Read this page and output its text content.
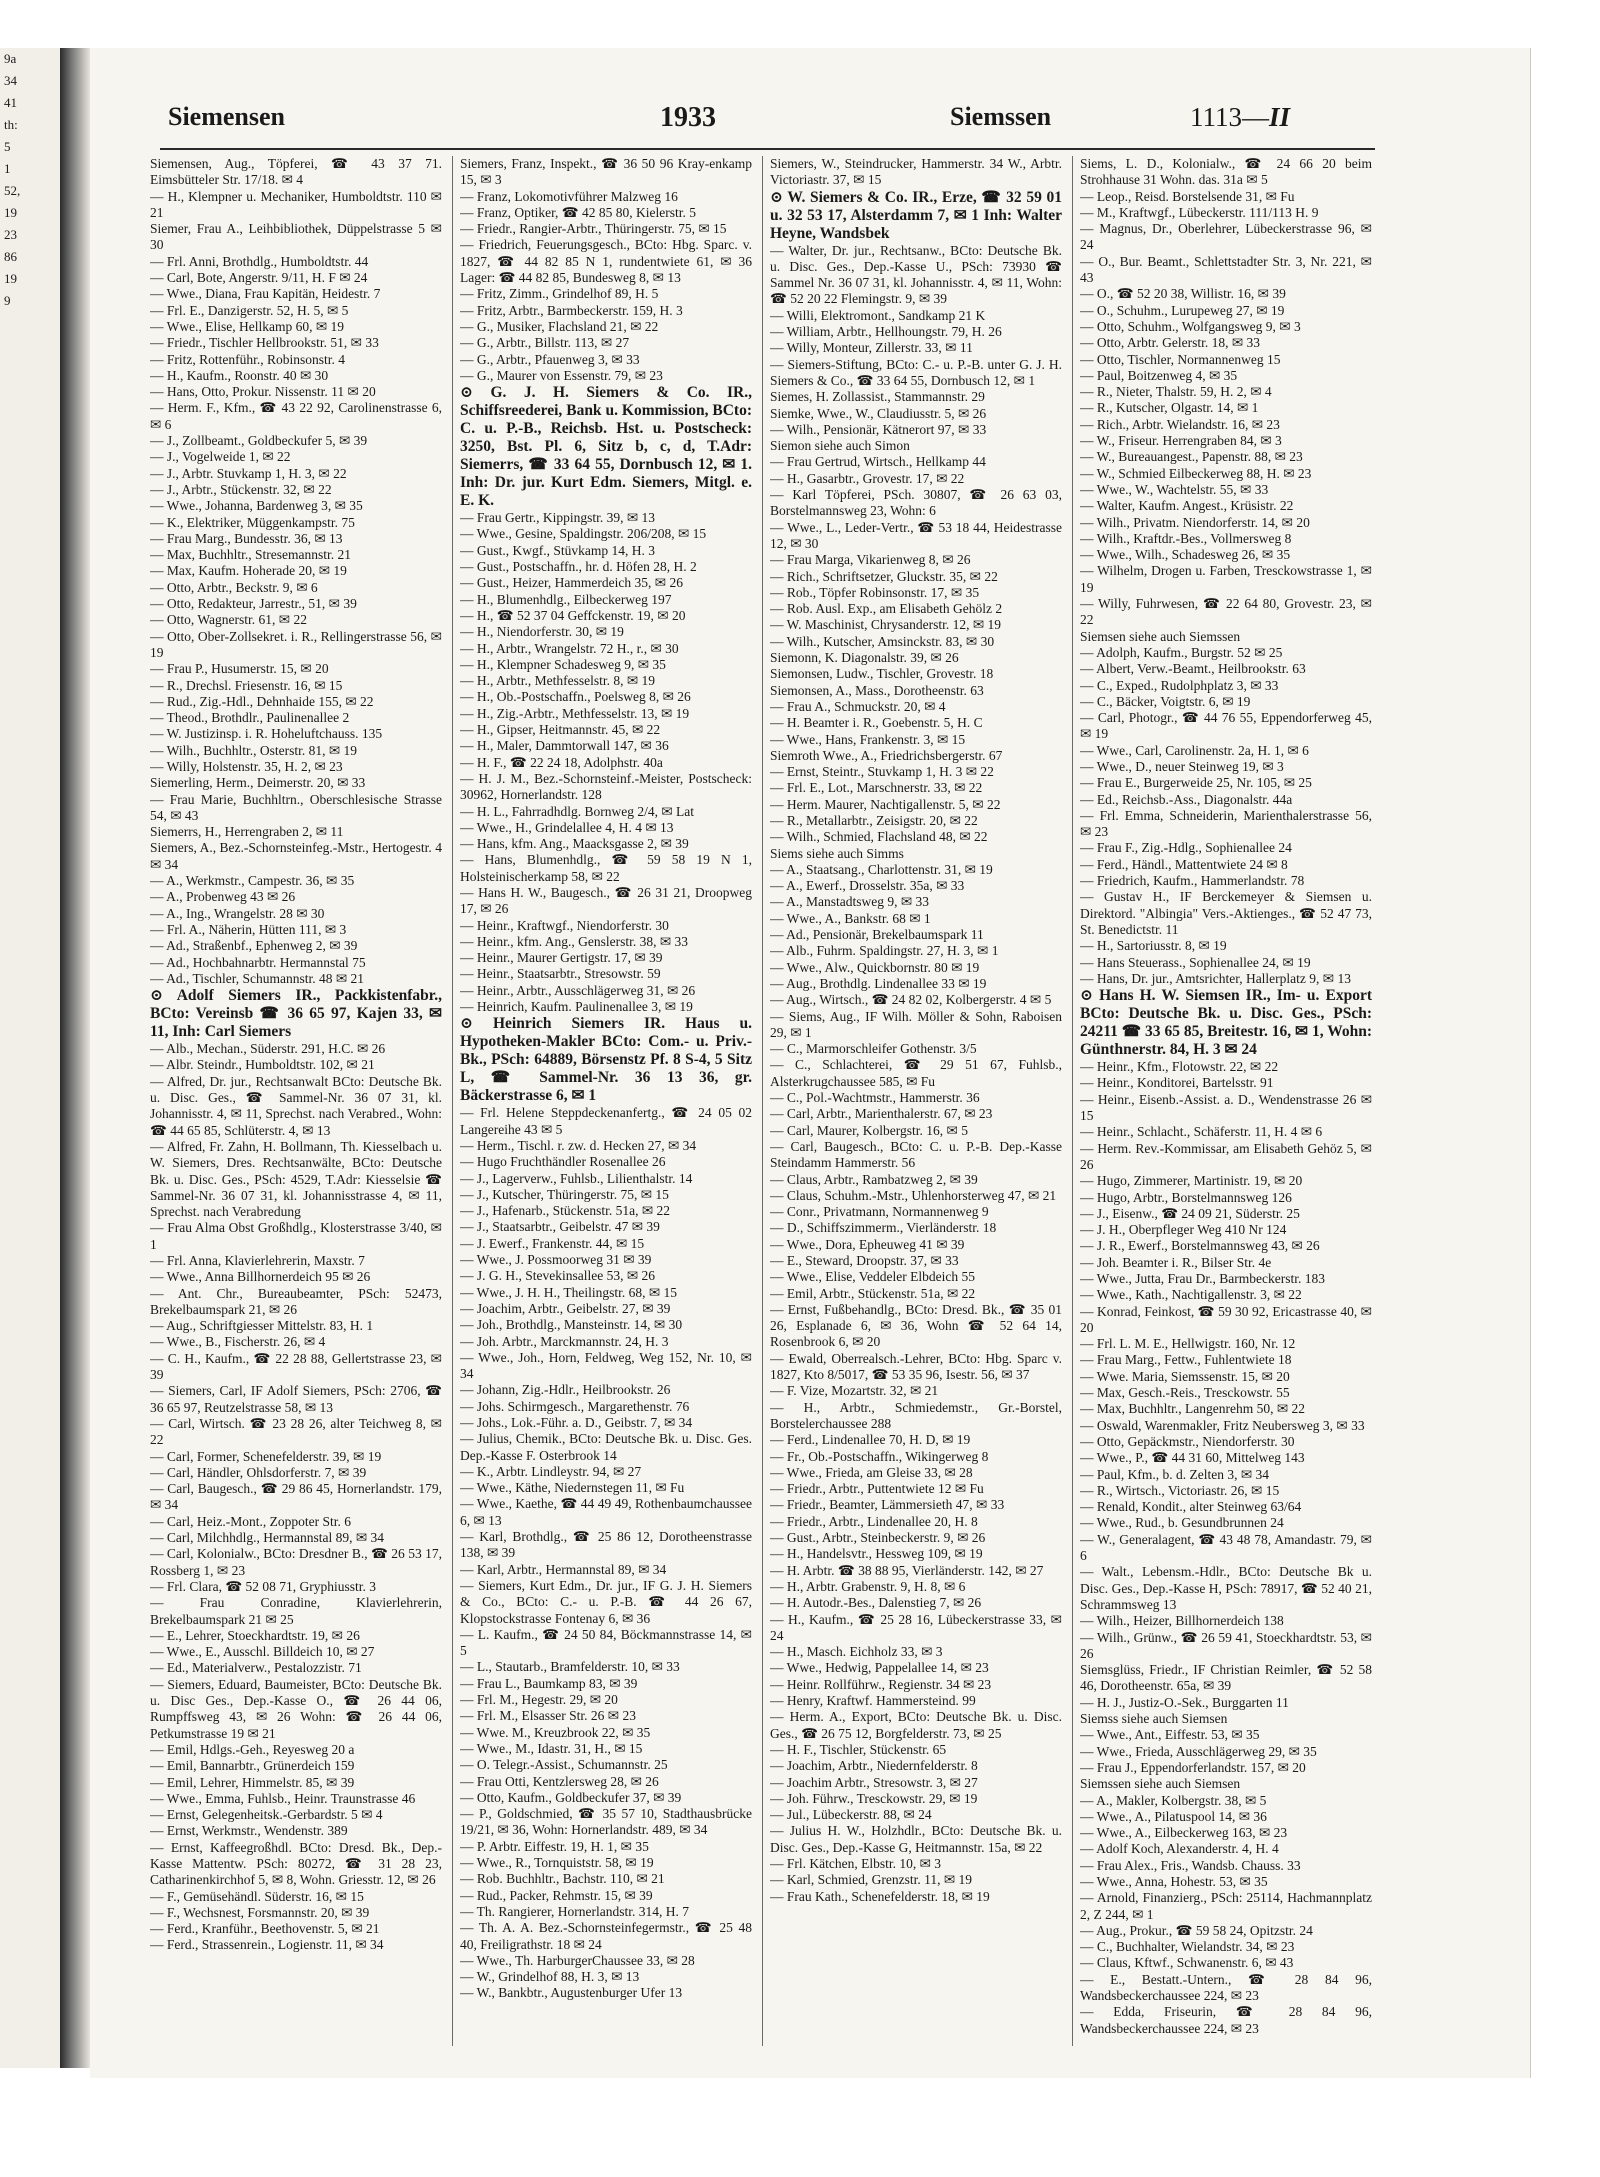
9a
34
41
th:
5
1
52,
19
23
86
19
9
Siemensen	1933	Siemssen	1113—II

Siemensen, Aug., Töpferei, ☎ 43 37 71. Eimsbütteler Str. 17/18. ✉ 4

— H., Klempner u. Mechaniker, Humboldtstr. 110 ✉ 21

Siemer, Frau A., Leihbibliothek, Düppelstrasse 5 ✉ 30

— Frl. Anni, Brothdlg., Humboldtstr. 44

— Carl, Bote, Angerstr. 9/11, H. F ✉ 24

— Wwe., Diana, Frau Kapitän, Heidestr. 7

— Frl. E., Danzigerstr. 52, H. 5, ✉ 5

— Wwe., Elise, Hellkamp 60, ✉ 19

— Friedr., Tischler Hellbrookstr. 51, ✉ 33

— Fritz, Rottenführ., Robinsonstr. 4

— H., Kaufm., Roonstr. 40 ✉ 30

— Hans, Otto, Prokur. Nissenstr. 11 ✉ 20

— Herm. F., Kfm., ☎ 43 22 92, Carolinenstrasse 6, ✉ 6

— J., Zollbeamt., Goldbeckufer 5, ✉ 39

— J., Vogelweide 1, ✉ 22

— J., Arbtr. Stuvkamp 1, H. 3, ✉ 22

— J., Arbtr., Stückenstr. 32, ✉ 22

— Wwe., Johanna, Bardenweg 3, ✉ 35

— K., Elektriker, Müggenkampstr. 75

— Frau Marg., Bundesstr. 36, ✉ 13

— Max, Buchhltr., Stresemannstr. 21

— Max, Kaufm. Hoherade 20, ✉ 19

— Otto, Arbtr., Beckstr. 9, ✉ 6

— Otto, Redakteur, Jarrestr., 51, ✉ 39

— Otto, Wagnerstr. 61, ✉ 22

— Otto, Ober-Zollsekret. i. R., Rellingerstrasse 56, ✉ 19

— Frau P., Husumerstr. 15, ✉ 20

— R., Drechsl. Friesenstr. 16, ✉ 15

— Rud., Zig.-Hdl., Dehnhaide 155, ✉ 22

— Theod., Brothdlr., Paulinenallee 2

— W. Justizinsp. i. R. Hoheluftchauss. 135

— Wilh., Buchhltr., Osterstr. 81, ✉ 19

— Willy, Holstenstr. 35, H. 2, ✉ 23

Siemerling, Herm., Deimerstr. 20, ✉ 33

— Frau Marie, Buchhltrn., Oberschlesische Strasse 54, ✉ 43

Siemerrs, H., Herrengraben 2, ✉ 11

Siemers, A., Bez.-Schornsteinfeg.-Mstr., Hertogestr. 4 ✉ 34

— A., Werkmstr., Campestr. 36, ✉ 35

— A., Probenweg 43 ✉ 26

— A., Ing., Wrangelstr. 28 ✉ 30

— Frl. A., Näherin, Hütten 111, ✉ 3

— Ad., Straßenbf., Ephenweg 2, ✉ 39

— Ad., Hochbahnarbtr. Hermannstal 75

— Ad., Tischler, Schumannstr. 48 ✉ 21

⊙ Adolf Siemers IR., Packkistenfabr., BCto: Vereinsb ☎ 36 65 97, Kajen 33, ✉ 11, Inh: Carl Siemers

— Alb., Mechan., Süderstr. 291, H.C. ✉ 26

— Albr. Steindr., Humboldtstr. 102, ✉ 21

— Alfred, Dr. jur., Rechtsanwalt BCto: Deutsche Bk. u. Disc. Ges., ☎ Sammel-Nr. 36 07 31, kl. Johannisstr. 4, ✉ 11, Sprechst. nach Verabred., Wohn: ☎ 44 65 85, Schlüterstr. 4, ✉ 13

— Alfred, Fr. Zahn, H. Bollmann, Th. Kiesselbach u. W. Siemers, Dres. Rechtsanwälte, BCto: Deutsche Bk. u. Disc. Ges., PSch: 4529, T.Adr: Kiesselsie ☎ Sammel-Nr. 36 07 31, kl. Johannisstrasse 4, ✉ 11, Sprechst. nach Verabredung

— Frau Alma Obst Großhdlg., Klosterstrasse 3/40, ✉ 1

— Frl. Anna, Klavierlehrerin, Maxstr. 7

— Wwe., Anna Billhornerdeich 95 ✉ 26

— Ant. Chr., Bureaubeamter, PSch: 52473, Brekelbaumspark 21, ✉ 26

— Aug., Schriftgiesser Mittelstr. 83, H. 1

— Wwe., B., Fischerstr. 26, ✉ 4

— C. H., Kaufm., ☎ 22 28 88, Gellertstrasse 23, ✉ 39

— Siemers, Carl, IF Adolf Siemers, PSch: 2706, ☎ 36 65 97, Reutzelstrasse 58, ✉ 13

— Carl, Wirtsch. ☎ 23 28 26, alter Teichweg 8, ✉ 22

— Carl, Former, Schenefelderstr. 39, ✉ 19

— Carl, Händler, Ohlsdorferstr. 7, ✉ 39

— Carl, Baugesch., ☎ 29 86 45, Hornerlandstr. 179, ✉ 34

— Carl, Heiz.-Mont., Zoppoter Str. 6

— Carl, Milchhdlg., Hermannstal 89, ✉ 34

— Carl, Kolonialw., BCto: Dresdner B., ☎ 26 53 17, Rossberg 1, ✉ 23

— Frl. Clara, ☎ 52 08 71, Gryphiusstr. 3

— Frau Conradine, Klavierlehrerin, Brekelbaumspark 21 ✉ 25

— E., Lehrer, Stoeckhardtstr. 19, ✉ 26

— Wwe., E., Ausschl. Billdeich 10, ✉ 27

— Ed., Materialverw., Pestalozzistr. 71

— Siemers, Eduard, Baumeister, BCto: Deutsche Bk. u. Disc Ges., Dep.-Kasse O., ☎ 26 44 06, Rumpffsweg 43, ✉ 26 Wohn: ☎ 26 44 06, Petkumstrasse 19 ✉ 21

— Emil, Hdlgs.-Geh., Reyesweg 20 a

— Emil, Bannarbtr., Grünerdeich 159

— Emil, Lehrer, Himmelstr. 85, ✉ 39

— Wwe., Emma, Fuhlsb., Heinr. Traunstrasse 46

— Ernst, Gelegenheitsk.-Gerbardstr. 5 ✉ 4

— Ernst, Werkmstr., Wendenstr. 389

— Ernst, Kaffeegroßhdl. BCto: Dresd. Bk., Dep.-Kasse Mattentw. PSch: 80272, ☎ 31 28 23, Catharinenkirchhof 5, ✉ 8, Wohn. Griesstr. 12, ✉ 26

— F., Gemüsehändl. Süderstr. 16, ✉ 15

— F., Wechsnest, Forsmannstr. 20, ✉ 39

— Ferd., Kranführ., Beethovenstr. 5, ✉ 21

— Ferd., Strassenrein., Logienstr. 11, ✉ 34

Siemers, Franz, Inspekt., ☎ 36 50 96 Kray-enkamp 15, ✉ 3

— Franz, Lokomotivführer Malzweg 16

— Franz, Optiker, ☎ 42 85 80, Kielerstr. 5

— Friedr., Rangier-Arbtr., Thüringerstr. 75, ✉ 15

— Friedrich, Feuerungsgesch., BCto: Hbg. Sparc. v. 1827, ☎ 44 82 85 N 1, rundentwiete 61, ✉ 36 Lager: ☎ 44 82 85, Bundesweg 8, ✉ 13

— Fritz, Zimm., Grindelhof 89, H. 5

— Fritz, Arbtr., Barmbeckerstr. 159, H. 3

— G., Musiker, Flachsland 21, ✉ 22

— G., Arbtr., Billstr. 113, ✉ 27

— G., Arbtr., Pfauenweg 3, ✉ 33

— G., Maurer von Essenstr. 79, ✉ 23

⊙ G. J. H. Siemers & Co. IR., Schiffsreederei, Bank u. Kommission, BCto: C. u. P.-B., Reichsb. Hst. u. Postscheck: 3250, Bst. Pl. 6, Sitz b, c, d, T.Adr: Siemerrs, ☎ 33 64 55, Dornbusch 12, ✉ 1. Inh: Dr. jur. Kurt Edm. Siemers, Mitgl. e. E. K.

— Frau Gertr., Kippingstr. 39, ✉ 13

— Wwe., Gesine, Spaldingstr. 206/208, ✉ 15

— Gust., Kwgf., Stüvkamp 14, H. 3

— Gust., Postschaffn., hr. d. Höfen 28, H. 2

— Gust., Heizer, Hammerdeich 35, ✉ 26

— H., Blumenhdlg., Eilbeckerweg 197

— H., ☎ 52 37 04 Geffckenstr. 19, ✉ 20

— H., Niendorferstr. 30, ✉ 19

— H., Arbtr., Wrangelstr. 72 H., r., ✉ 30

— H., Klempner Schadesweg 9, ✉ 35

— H., Arbtr., Methfesselstr. 8, ✉ 19

— H., Ob.-Postschaffn., Poelsweg 8, ✉ 26

— H., Zig.-Arbtr., Methfesselstr. 13, ✉ 19

— H., Gipser, Heitmannstr. 45, ✉ 22

— H., Maler, Dammtorwall 147, ✉ 36

— H. F., ☎ 22 24 18, Adolphstr. 40a

— H. J. M., Bez.-Schornsteinf.-Meister, Postscheck: 30962, Hornerlandstr. 128

— H. L., Fahrradhdlg. Bornweg 2/4, ✉ Lat

— Wwe., H., Grindelallee 4, H. 4 ✉ 13

— Hans, kfm. Ang., Maacksgasse 2, ✉ 39

— Hans, Blumenhdlg., ☎ 59 58 19 N 1, Holsteinischerkamp 58, ✉ 22

— Hans H. W., Baugesch., ☎ 26 31 21, Droopweg 17, ✉ 26

— Heinr., Kraftwgf., Niendorferstr. 30

— Heinr., kfm. Ang., Genslerstr. 38, ✉ 33

— Heinr., Maurer Gertigstr. 17, ✉ 39

— Heinr., Staatsarbtr., Stresowstr. 59

— Heinr., Arbtr., Ausschlägerweg 31, ✉ 26

— Heinrich, Kaufm. Paulinenallee 3, ✉ 19

⊙ Heinrich Siemers IR. Haus u. Hypotheken-Makler BCto: Com.- u. Priv.-Bk., PSch: 64889, Börsenstz Pf. 8 S-4, 5 Sitz L, ☎ Sammel-Nr. 36 13 36, gr. Bäckerstrasse 6, ✉ 1

— Frl. Helene Steppdeckenanfertg., ☎ 24 05 02 Langereihe 43 ✉ 5

— Herm., Tischl. r. zw. d. Hecken 27, ✉ 34

— Hugo Fruchthändler Rosenallee 26

— J., Lagerverw., Fuhlsb., Lilienthalstr. 14

— J., Kutscher, Thüringerstr. 75, ✉ 15

— J., Hafenarb., Stückenstr. 51a, ✉ 22

— J., Staatsarbtr., Geibelstr. 47 ✉ 39

— J. Ewerf., Frankenstr. 44, ✉ 15

— Wwe., J. Possmoorweg 31 ✉ 39

— J. G. H., Stevekinsallee 53, ✉ 26

— Wwe., J. H. H., Theilingstr. 68, ✉ 15

— Joachim, Arbtr., Geibelstr. 27, ✉ 39

— Joh., Brothdlg., Mansteinstr. 14, ✉ 30

— Joh. Arbtr., Marckmannstr. 24, H. 3

— Wwe., Joh., Horn, Feldweg, Weg 152, Nr. 10, ✉ 34

— Johann, Zig.-Hdlr., Heilbrookstr. 26

— Johs. Schirmgesch., Margarethenstr. 76

— Johs., Lok.-Führ. a. D., Geibstr. 7, ✉ 34

— Julius, Chemik., BCto: Deutsche Bk. u. Disc. Ges. Dep.-Kasse F. Osterbrook 14

— K., Arbtr. Lindleystr. 94, ✉ 27

— Wwe., Käthe, Niedernstegen 11, ✉ Fu

— Wwe., Kaethe, ☎ 44 49 49, Rothenbaumchaussee 6, ✉ 13

— Karl, Brothdlg., ☎ 25 86 12, Dorotheenstrasse 138, ✉ 39

— Karl, Arbtr., Hermannstal 89, ✉ 34

— Siemers, Kurt Edm., Dr. jur., IF G. J. H. Siemers & Co., BCto: C.- u. P.-B. ☎ 44 26 67, Klopstockstrasse Fontenay 6, ✉ 36

— L. Kaufm., ☎ 24 50 84, Böckmannstrasse 14, ✉ 5

— L., Stautarb., Bramfelderstr. 10, ✉ 33

— Frau L., Baumkamp 83, ✉ 39

— Frl. M., Hegestr. 29, ✉ 20

— Frl. M., Elsasser Str. 26 ✉ 23

— Wwe. M., Kreuzbrook 22, ✉ 35

— Wwe., M., Idastr. 31, H., ✉ 15

— O. Telegr.-Assist., Schumannstr. 25

— Frau Otti, Kentzlersweg 28, ✉ 26

— Otto, Kaufm., Goldbeckufer 37, ✉ 39

— P., Goldschmied, ☎ 35 57 10, Stadthausbrücke 19/21, ✉ 36, Wohn: Hornerlandstr. 489, ✉ 34

— P. Arbtr. Eiffestr. 19, H. 1, ✉ 35

— Wwe., R., Tornquiststr. 58, ✉ 19

— Rob. Buchhltr., Bachstr. 110, ✉ 21

— Rud., Packer, Rehmstr. 15, ✉ 39

— Th. Rangierer, Hornerlandstr. 314, H. 7

— Th. A. A. Bez.-Schornsteinfegermstr., ☎ 25 48 40, Freiligrathstr. 18 ✉ 24

— Wwe., Th. HarburgerChaussee 33, ✉ 28

— W., Grindelhof 88, H. 3, ✉ 13

— W., Bankbtr., Augustenburger Ufer 13

Siemers, W., Steindrucker, Hammerstr. 34 W., Arbtr. Victoriastr. 37, ✉ 15

⊙ W. Siemers & Co. IR., Erze, ☎ 32 59 01 u. 32 53 17, Alsterdamm 7, ✉ 1 Inh: Walter Heyne, Wandsbek

— Walter, Dr. jur., Rechtsanw., BCto: Deutsche Bk. u. Disc. Ges., Dep.-Kasse U., PSch: 73930 ☎ Sammel Nr. 36 07 31, kl. Johannisstr. 4, ✉ 11, Wohn: ☎ 52 20 22 Flemingstr. 9, ✉ 39

— Willi, Elektromont., Sandkamp 21 K

— William, Arbtr., Hellhoungstr. 79, H. 26

— Willy, Monteur, Zillerstr. 33, ✉ 11

— Siemers-Stiftung, BCto: C.- u. P.-B. unter G. J. H. Siemers & Co., ☎ 33 64 55, Dornbusch 12, ✉ 1

Siemes, H. Zollassist., Stammannstr. 29

Siemke, Wwe., W., Claudiusstr. 5, ✉ 26

— Wilh., Pensionär, Kätnerort 97, ✉ 33

Siemon siehe auch Simon

— Frau Gertrud, Wirtsch., Hellkamp 44

— H., Gasarbtr., Grovestr. 17, ✉ 22

— Karl Töpferei, PSch. 30807, ☎ 26 63 03, Borstelmannsweg 23, Wohn: 6

— Wwe., L., Leder-Vertr., ☎ 53 18 44, Heidestrasse 12, ✉ 30

— Frau Marga, Vikarienweg 8, ✉ 26

— Rich., Schriftsetzer, Gluckstr. 35, ✉ 22

— Rob., Töpfer Robinsonstr. 17, ✉ 35

— Rob. Ausl. Exp., am Elisabeth Gehölz 2

— W. Maschinist, Chrysanderstr. 12, ✉ 19

— Wilh., Kutscher, Amsinckstr. 83, ✉ 30

Siemonn, K. Diagonalstr. 39, ✉ 26

Siemonsen, Ludw., Tischler, Grovestr. 18

Siemonsen, A., Mass., Dorotheenstr. 63

— Frau A., Schmuckstr. 20, ✉ 4

— H. Beamter i. R., Goebenstr. 5, H. C

— Wwe., Hans, Frankenstr. 3, ✉ 15

Siemroth Wwe., A., Friedrichsbergerstr. 67

— Ernst, Steintr., Stuvkamp 1, H. 3 ✉ 22

— Frl. E., Lot., Marschnerstr. 33, ✉ 22

— Herm. Maurer, Nachtigallenstr. 5, ✉ 22

— R., Metallarbtr., Zeisigstr. 20, ✉ 22

— Wilh., Schmied, Flachsland 48, ✉ 22

Siems siehe auch Simms

— A., Staatsang., Charlottenstr. 31, ✉ 19

— A., Ewerf., Drosselstr. 35a, ✉ 33

— A., Manstadtsweg 9, ✉ 33

— Wwe., A., Bankstr. 68 ✉ 1

— Ad., Pensionär, Brekelbaumspark 11

— Alb., Fuhrm. Spaldingstr. 27, H. 3, ✉ 1

— Wwe., Alw., Quickbornstr. 80 ✉ 19

— Aug., Brothdlg. Lindenallee 33 ✉ 19

— Aug., Wirtsch., ☎ 24 82 02, Kolbergerstr. 4 ✉ 5

— Siems, Aug., IF Wilh. Möller & Sohn, Raboisen 29, ✉ 1

— C., Marmorschleifer Gothenstr. 3/5

— C., Schlachterei, ☎ 29 51 67, Fuhlsb., Alsterkrugchaussee 585, ✉ Fu

— C., Pol.-Wachtmstr., Hammerstr. 36

— Carl, Arbtr., Marienthalerstr. 67, ✉ 23

— Carl, Maurer, Kolbergstr. 16, ✉ 5

— Carl, Baugesch., BCto: C. u. P.-B. Dep.-Kasse Steindamm Hammerstr. 56

— Claus, Arbtr., Rambatzweg 2, ✉ 39

— Claus, Schuhm.-Mstr., Uhlenhorsterweg 47, ✉ 21

— Conr., Privatmann, Normannenweg 9

— D., Schiffszimmerm., Vierländerstr. 18

— Wwe., Dora, Epheuweg 41 ✉ 39

— E., Steward, Droopstr. 37, ✉ 33

— Wwe., Elise, Veddeler Elbdeich 55

— Emil, Arbtr., Stückenstr. 51a, ✉ 22

— Ernst, Fußbehandlg., BCto: Dresd. Bk., ☎ 35 01 26, Esplanade 6, ✉ 36, Wohn ☎ 52 64 14, Rosenbrook 6, ✉ 20

— Ewald, Oberrealsch.-Lehrer, BCto: Hbg. Sparc v. 1827, Kto 8/5017, ☎ 53 35 96, Isestr. 56, ✉ 37

— F. Vize, Mozartstr. 32, ✉ 21

— H., Arbtr., Schmiedemstr., Gr.-Borstel, Borstelerchaussee 288

— Ferd., Lindenallee 70, H. D, ✉ 19

— Fr., Ob.-Postschaffn., Wikingerweg 8

— Wwe., Frieda, am Gleise 33, ✉ 28

— Friedr., Arbtr., Puttentwiete 12 ✉ Fu

— Friedr., Beamter, Lämmersieth 47, ✉ 33

— Friedr., Arbtr., Lindenallee 20, H. 8

— Gust., Arbtr., Steinbeckerstr. 9, ✉ 26

— H., Handelsvtr., Hessweg 109, ✉ 19

— H. Arbtr. ☎ 38 88 95, Vierländerstr. 142, ✉ 27

— H., Arbtr. Grabenstr. 9, H. 8, ✉ 6

— H. Autodr.-Bes., Dalenstieg 7, ✉ 26

— H., Kaufm., ☎ 25 28 16, Lübeckerstrasse 33, ✉ 24

— H., Masch. Eichholz 33, ✉ 3

— Wwe., Hedwig, Pappelallee 14, ✉ 23

— Heinr. Rollführw., Regienstr. 34 ✉ 23

— Henry, Kraftwf. Hammersteind. 99

— Herm. A., Export, BCto: Deutsche Bk. u. Disc. Ges., ☎ 26 75 12, Borgfelderstr. 73, ✉ 25

— H. F., Tischler, Stückenstr. 65

— Joachim, Arbtr., Niedernfelderstr. 8

— Joachim Arbtr., Stresowstr. 3, ✉ 27

— Joh. Führw., Tresckowstr. 29, ✉ 19

— Jul., Lübeckerstr. 88, ✉ 24

— Julius H. W., Holzhdlr., BCto: Deutsche Bk. u. Disc. Ges., Dep.-Kasse G, Heitmannstr. 15a, ✉ 22

— Frl. Kätchen, Elbstr. 10, ✉ 3

— Karl, Schmied, Grenzstr. 11, ✉ 19

— Frau Kath., Schenefelderstr. 18, ✉ 19

Siems, L. D., Kolonialw., ☎ 24 66 20 beim Strohhause 31 Wohn. das. 31a ✉ 5

— Leop., Reisd. Borstelsende 31, ✉ Fu

— M., Kraftwgf., Lübeckerstr. 111/113 H. 9

— Magnus, Dr., Oberlehrer, Lübeckerstrasse 96, ✉ 24

— O., Bur. Beamt., Schlettstadter Str. 3, Nr. 221, ✉ 43

— O., ☎ 52 20 38, Willistr. 16, ✉ 39

— O., Schuhm., Lurupeweg 27, ✉ 19

— Otto, Schuhm., Wolfgangsweg 9, ✉ 3

— Otto, Arbtr. Gelerstr. 18, ✉ 33

— Otto, Tischler, Normannenweg 15

— Paul, Boitzenweg 4, ✉ 35

— R., Nieter, Thalstr. 59, H. 2, ✉ 4

— R., Kutscher, Olgastr. 14, ✉ 1

— Rich., Arbtr. Wielandstr. 16, ✉ 23

— W., Friseur. Herrengraben 84, ✉ 3

— W., Bureauangest., Papenstr. 88, ✉ 23

— W., Schmied Eilbeckerweg 88, H. ✉ 23

— Wwe., W., Wachtelstr. 55, ✉ 33

— Walter, Kaufm. Angest., Krüsistr. 22

— Wilh., Privatm. Niendorferstr. 14, ✉ 20

— Wilh., Kraftdr.-Bes., Vollmersweg 8

— Wwe., Wilh., Schadesweg 26, ✉ 35

— Wilhelm, Drogen u. Farben, Tresckowstrasse 1, ✉ 19

— Willy, Fuhrwesen, ☎ 22 64 80, Grovestr. 23, ✉ 22

Siemsen siehe auch Siemssen

— Adolph, Kaufm., Burgstr. 52 ✉ 25

— Albert, Verw.-Beamt., Heilbrookstr. 63

— C., Exped., Rudolphplatz 3, ✉ 33

— C., Bäcker, Voigtstr. 6, ✉ 19

— Carl, Photogr., ☎ 44 76 55, Eppendorferweg 45, ✉ 19

— Wwe., Carl, Carolinenstr. 2a, H. 1, ✉ 6

— Wwe., D., neuer Steinweg 19, ✉ 3

— Frau E., Burgerweide 25, Nr. 105, ✉ 25

— Ed., Reichsb.-Ass., Diagonalstr. 44a

— Frl. Emma, Schneiderin, Marienthalerstrasse 56, ✉ 23

— Frau F., Zig.-Hdlg., Sophienallee 24

— Ferd., Händl., Mattentwiete 24 ✉ 8

— Friedrich, Kaufm., Hammerlandstr. 78

— Gustav H., IF Berckemeyer & Siemsen u. Direktord. "Albingia" Vers.-Aktienges., ☎ 52 47 73, St. Benedictstr. 11

— H., Sartoriusstr. 8, ✉ 19

— Hans Steuerass., Sophienallee 24, ✉ 19

— Hans, Dr. jur., Amtsrichter, Hallerplatz 9, ✉ 13

⊙ Hans H. W. Siemsen IR., Im- u. Export BCto: Deutsche Bk. u. Disc. Ges., PSch: 24211 ☎ 33 65 85, Breitestr. 16, ✉ 1, Wohn: Günthnerstr. 84, H. 3 ✉ 24

— Heinr., Kfm., Flotowstr. 22, ✉ 22

— Heinr., Konditorei, Bartelsstr. 91

— Heinr., Eisenb.-Assist. a. D., Wendenstrasse 26 ✉ 15

— Heinr., Schlacht., Schäferstr. 11, H. 4 ✉ 6

— Herm. Rev.-Kommissar, am Elisabeth Gehöz 5, ✉ 26

— Hugo, Zimmerer, Martinistr. 19, ✉ 20

— Hugo, Arbtr., Borstelmannsweg 126

— J., Eisenw., ☎ 24 09 21, Süderstr. 25

— J. H., Oberpfleger Weg 410 Nr 124

— J. R., Ewerf., Borstelmannsweg 43, ✉ 26

— Joh. Beamter i. R., Bilser Str. 4e

— Wwe., Jutta, Frau Dr., Barmbeckerstr. 183

— Wwe., Kath., Nachtigallenstr. 3, ✉ 22

— Konrad, Feinkost, ☎ 59 30 92, Ericastrasse 40, ✉ 20

— Frl. L. M. E., Hellwigstr. 160, Nr. 12

— Frau Marg., Fettw., Fuhlentwiete 18

— Wwe. Maria, Siemssenstr. 15, ✉ 20

— Max, Gesch.-Reis., Tresckowstr. 55

— Max, Buchhltr., Langenrehm 50, ✉ 22

— Oswald, Warenmakler, Fritz Neubersweg 3, ✉ 33

— Otto, Gepäckmstr., Niendorferstr. 30

— Wwe., P., ☎ 44 31 60, Mittelweg 143

— Paul, Kfm., b. d. Zelten 3, ✉ 34

— R., Wirtsch., Victoriastr. 26, ✉ 15

— Renald, Kondit., alter Steinweg 63/64

— Wwe., Rud., b. Gesundbrunnen 24

— W., Generalagent, ☎ 43 48 78, Amandastr. 79, ✉ 6

— Walt., Lebensm.-Hdlr., BCto: Deutsche Bk u. Disc. Ges., Dep.-Kasse H, PSch: 78917, ☎ 52 40 21, Schrammsweg 13

— Wilh., Heizer, Billhornerdeich 138

— Wilh., Grünw., ☎ 26 59 41, Stoeckhardtstr. 53, ✉ 26

Siemsglüss, Friedr., IF Christian Reimler, ☎ 52 58 46, Dorotheenstr. 65a, ✉ 39

— H. J., Justiz-O.-Sek., Burggarten 11

Siemss siehe auch Siemsen

— Wwe., Ant., Eiffestr. 53, ✉ 35

— Wwe., Frieda, Ausschlägerweg 29, ✉ 35

— Frau J., Eppendorferlandstr. 157, ✉ 20

Siemssen siehe auch Siemsen

— A., Makler, Kolbergstr. 38, ✉ 5

— Wwe., A., Pilatuspool 14, ✉ 36

— Wwe., A., Eilbeckerweg 163, ✉ 23

— Adolf Koch, Alexanderstr. 4, H. 4

— Frau Alex., Fris., Wandsb. Chauss. 33

— Wwe., Anna, Hohestr. 53, ✉ 35

— Arnold, Finanzierg., PSch: 25114, Hachmannplatz 2, Z 244, ✉ 1

— Aug., Prokur., ☎ 59 58 24, Opitzstr. 24

— C., Buchhalter, Wielandstr. 34, ✉ 23

— Claus, Kftwf., Schwanenstr. 6, ✉ 43

— E., Bestatt.-Untern., ☎ 28 84 96, Wandsbeckerchaussee 224, ✉ 23

— Edda, Friseurin, ☎ 28 84 96, Wandsbeckerchaussee 224, ✉ 23
